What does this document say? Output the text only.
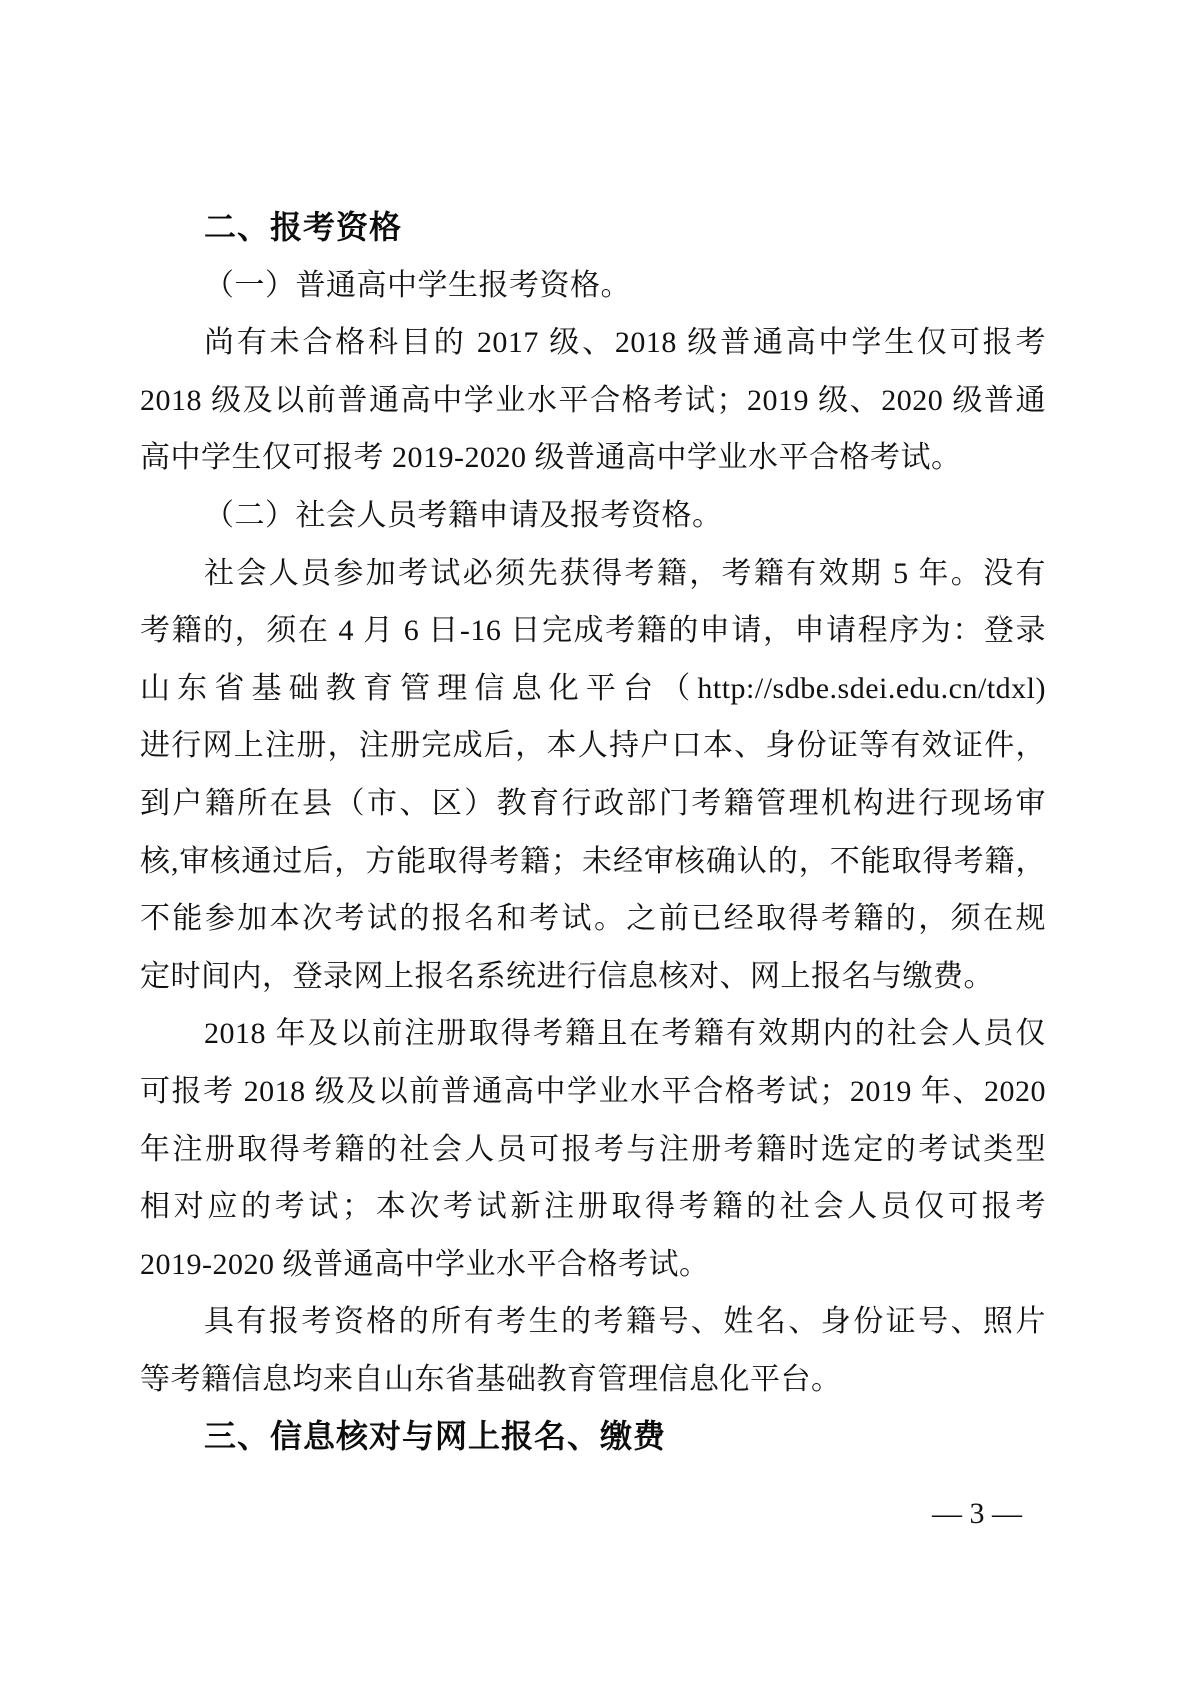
二、报考资格
（一）普通高中学生报考资格。
尚有未合格科目的 2017 级、2018 级普通高中学生仅可报考
2018 级及以前普通高中学业水平合格考试；2019 级、2020 级普通
高中学生仅可报考 2019-2020 级普通高中学业水平合格考试。
（二）社会人员考籍申请及报考资格。
社会人员参加考试必须先获得考籍，考籍有效期 5 年。没有
考籍的，须在 4 月 6 日-16 日完成考籍的申请，申请程序为：登录
山东省基础教育管理信息化平台（http://sdbe.sdei.edu.cn/tdxl)
进行网上注册，注册完成后，本人持户口本、身份证等有效证件，
到户籍所在县（市、区）教育行政部门考籍管理机构进行现场审
核,审核通过后，方能取得考籍；未经审核确认的，不能取得考籍，
不能参加本次考试的报名和考试。之前已经取得考籍的，须在规
定时间内，登录网上报名系统进行信息核对、网上报名与缴费。
2018 年及以前注册取得考籍且在考籍有效期内的社会人员仅
可报考 2018 级及以前普通高中学业水平合格考试；2019 年、2020
年注册取得考籍的社会人员可报考与注册考籍时选定的考试类型
相对应的考试；本次考试新注册取得考籍的社会人员仅可报考
2019-2020 级普通高中学业水平合格考试。
具有报考资格的所有考生的考籍号、姓名、身份证号、照片
等考籍信息均来自山东省基础教育管理信息化平台。
三、信息核对与网上报名、缴费
— 3 —
